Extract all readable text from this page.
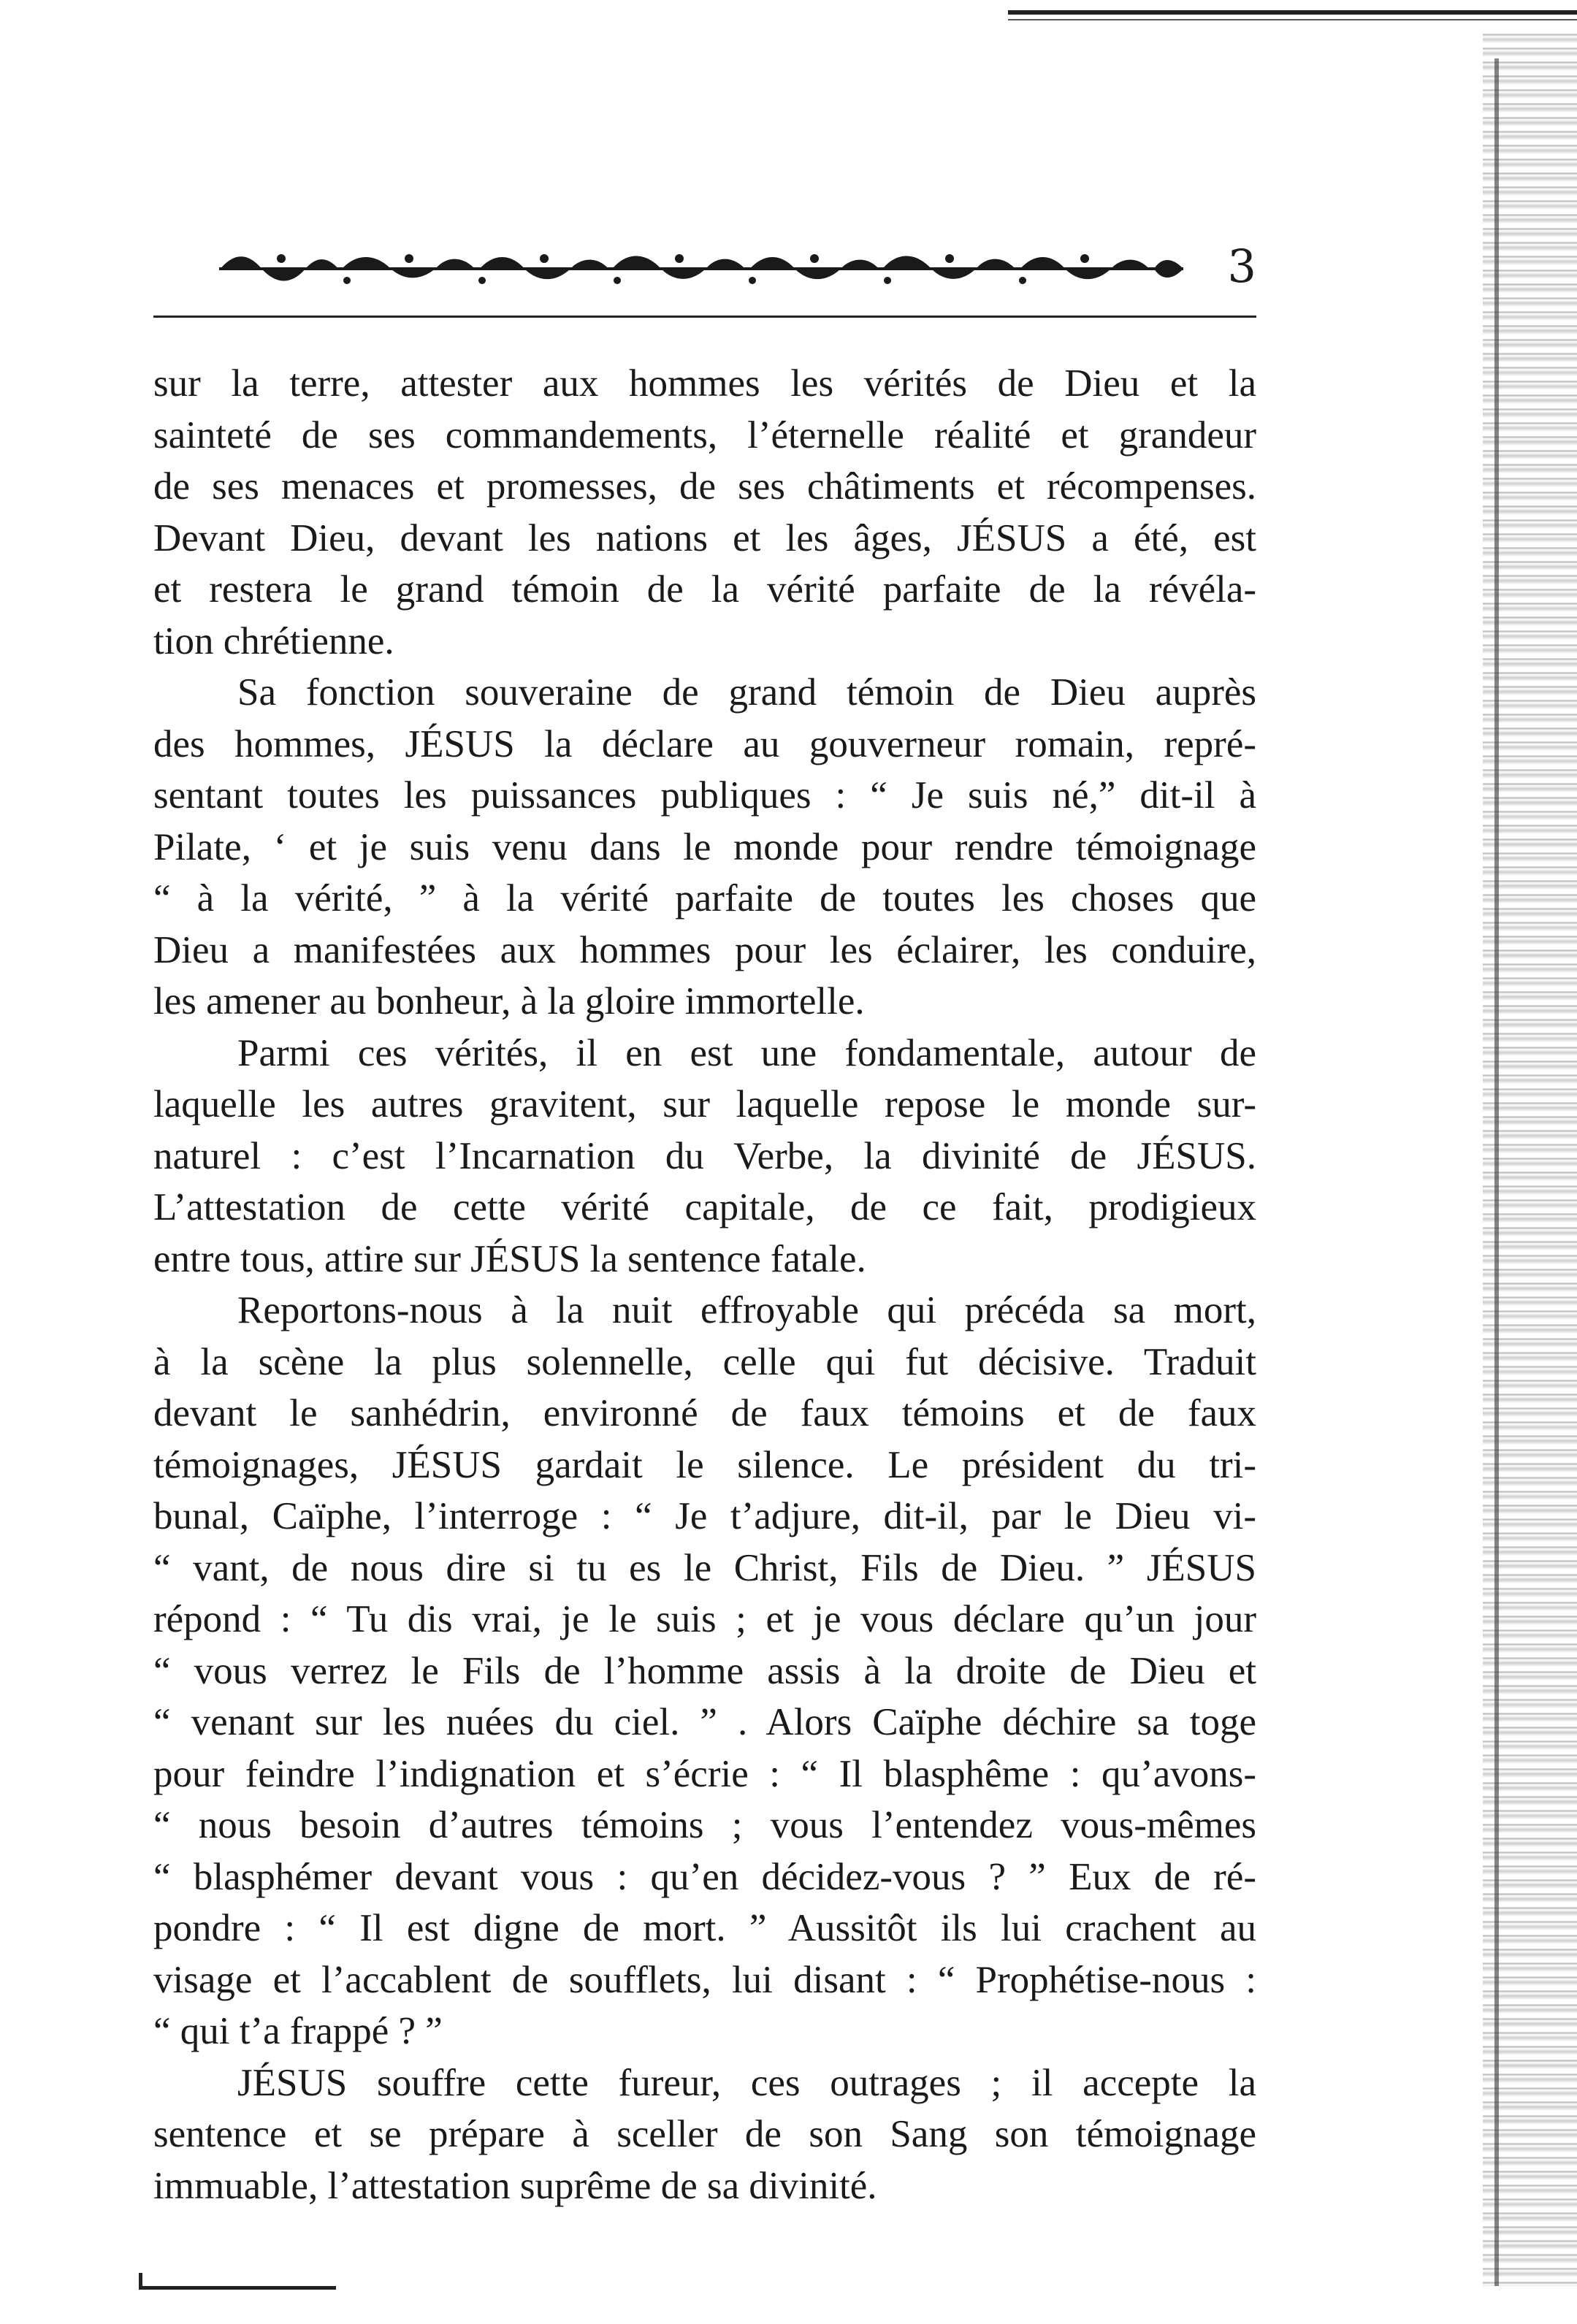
3
sur la terre, attester aux hommes les vérités de Dieu et la
sainteté de ses commandements, l’éternelle réalité et grandeur
de ses menaces et promesses, de ses châtiments et récompenses.
Devant Dieu, devant les nations et les âges, JÉSUS a été, est
et restera le grand témoin de la vérité parfaite de la révéla-
tion chrétienne.
Sa fonction souveraine de grand témoin de Dieu auprès
des hommes, JÉSUS la déclare au gouverneur romain, repré-
sentant toutes les puissances publiques : “ Je suis né,” dit-il à
Pilate, ‘ et je suis venu dans le monde pour rendre témoignage
“ à la vérité, ” à la vérité parfaite de toutes les choses que
Dieu a manifestées aux hommes pour les éclairer, les conduire,
les amener au bonheur, à la gloire immortelle.
Parmi ces vérités, il en est une fondamentale, autour de
laquelle les autres gravitent, sur laquelle repose le monde sur-
naturel : c’est l’Incarnation du Verbe, la divinité de JÉSUS.
L’attestation de cette vérité capitale, de ce fait, prodigieux
entre tous, attire sur JÉSUS la sentence fatale.
Reportons-nous à la nuit effroyable qui précéda sa mort,
à la scène la plus solennelle, celle qui fut décisive. Traduit
devant le sanhédrin, environné de faux témoins et de faux
témoignages, JÉSUS gardait le silence. Le président du tri-
bunal, Caïphe, l’interroge : “ Je t’adjure, dit-il, par le Dieu vi-
“ vant, de nous dire si tu es le Christ, Fils de Dieu. ” JÉSUS
répond : “ Tu dis vrai, je le suis ; et je vous déclare qu’un jour
“ vous verrez le Fils de l’homme assis à la droite de Dieu et
“ venant sur les nuées du ciel. ” . Alors Caïphe déchire sa toge
pour feindre l’indignation et s’écrie : “ Il blasphême : qu’avons-
“ nous besoin d’autres témoins ; vous l’entendez vous-mêmes
“ blasphémer devant vous : qu’en décidez-vous ? ” Eux de ré-
pondre : “ Il est digne de mort. ” Aussitôt ils lui crachent au
visage et l’accablent de soufflets, lui disant : “ Prophétise-nous :
“ qui t’a frappé ? ”
JÉSUS souffre cette fureur, ces outrages ; il accepte la
sentence et se prépare à sceller de son Sang son témoignage
immuable, l’attestation suprême de sa divinité.
